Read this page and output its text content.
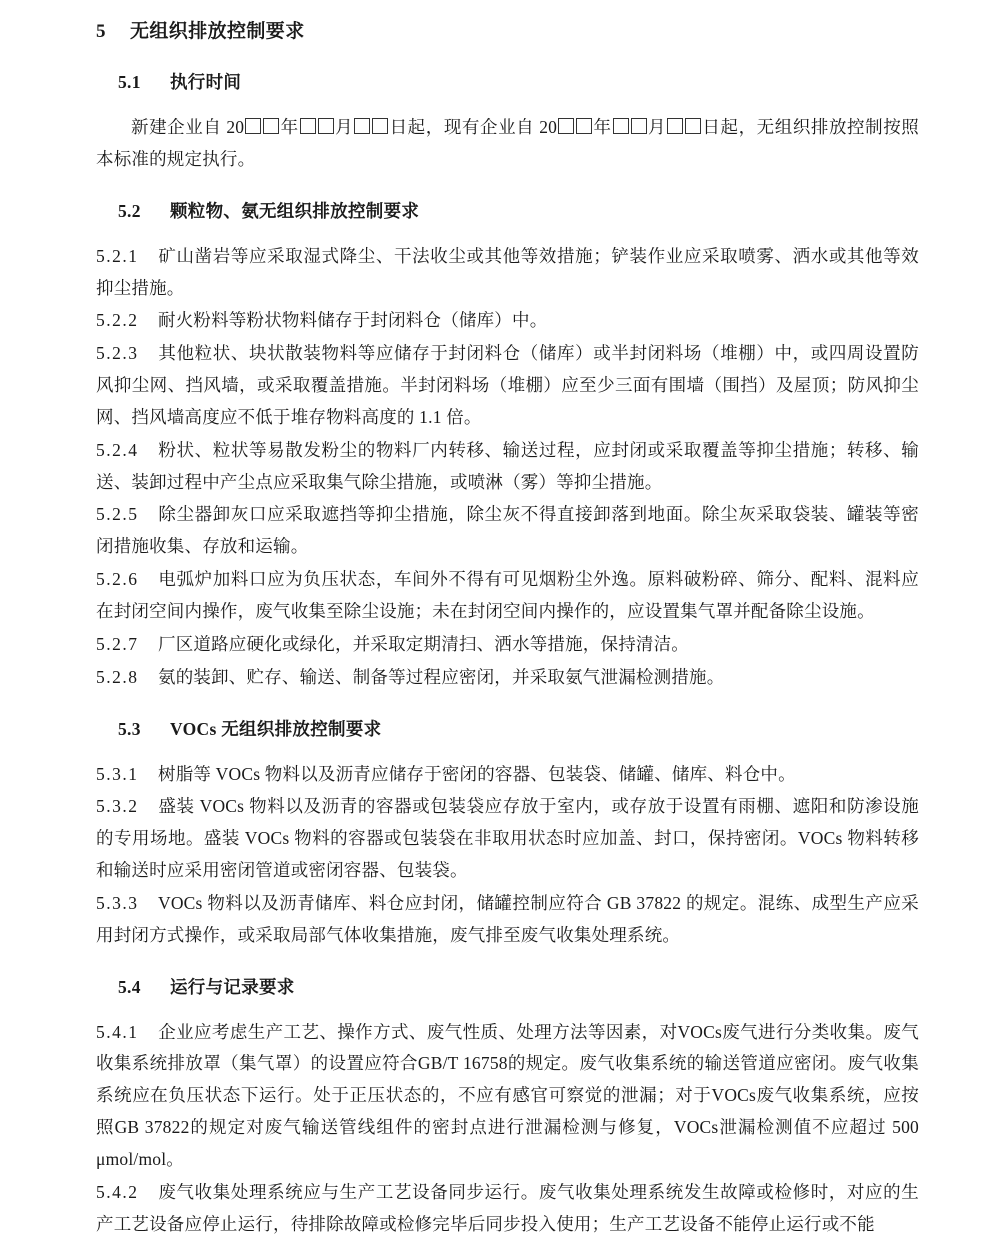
5 无组织排放控制要求
5.1 执行时间

新建企业自 20 年 月 日起，现有企业自 20 年 月 日起，无组织排放控制按照本标准的规定执行。

5.2 颗粒物、氨无组织排放控制要求

5.2.1 矿山凿岩等应采取湿式降尘、干法收尘或其他等效措施；铲装作业应采取喷雾、洒水或其他等效抑尘措施。

5.2.2 耐火粉料等粉状物料储存于封闭料仓（储库）中。

5.2.3 其他粒状、块状散装物料等应储存于封闭料仓（储库）或半封闭料场（堆棚）中，或四周设置防风抑尘网、挡风墙，或采取覆盖措施。半封闭料场（堆棚）应至少三面有围墙（围挡）及屋顶；防风抑尘网、挡风墙高度应不低于堆存物料高度的 1.1 倍。

5.2.4 粉状、粒状等易散发粉尘的物料厂内转移、输送过程，应封闭或采取覆盖等抑尘措施；转移、输送、装卸过程中产尘点应采取集气除尘措施，或喷淋（雾）等抑尘措施。

5.2.5 除尘器卸灰口应采取遮挡等抑尘措施，除尘灰不得直接卸落到地面。除尘灰采取袋装、罐装等密闭措施收集、存放和运输。

5.2.6 电弧炉加料口应为负压状态，车间外不得有可见烟粉尘外逸。原料破粉碎、筛分、配料、混料应在封闭空间内操作，废气收集至除尘设施；未在封闭空间内操作的，应设置集气罩并配备除尘设施。

5.2.7 厂区道路应硬化或绿化，并采取定期清扫、洒水等措施，保持清洁。

5.2.8 氨的装卸、贮存、输送、制备等过程应密闭，并采取氨气泄漏检测措施。

5.3 VOCs 无组织排放控制要求

5.3.1 树脂等 VOCs 物料以及沥青应储存于密闭的容器、包装袋、储罐、储库、料仓中。

5.3.2 盛装 VOCs 物料以及沥青的容器或包装袋应存放于室内，或存放于设置有雨棚、遮阳和防渗设施的专用场地。盛装 VOCs 物料的容器或包装袋在非取用状态时应加盖、封口，保持密闭。VOCs 物料转移和输送时应采用密闭管道或密闭容器、包装袋。

5.3.3 VOCs 物料以及沥青储库、料仓应封闭，储罐控制应符合 GB 37822 的规定。混练、成型生产应采用封闭方式操作，或采取局部气体收集措施，废气排至废气收集处理系统。

5.4 运行与记录要求

5.4.1 企业应考虑生产工艺、操作方式、废气性质、处理方法等因素，对VOCs废气进行分类收集。废气收集系统排放罩（集气罩）的设置应符合GB/T 16758的规定。废气收集系统的输送管道应密闭。废气收集系统应在负压状态下运行。处于正压状态的，不应有感官可察觉的泄漏；对于VOCs废气收集系统，应按照GB 37822的规定对废气输送管线组件的密封点进行泄漏检测与修复，VOCs泄漏检测值不应超过 500 μmol/mol。

5.4.2 废气收集处理系统应与生产工艺设备同步运行。废气收集处理系统发生故障或检修时，对应的生产工艺设备应停止运行，待排除故障或检修完毕后同步投入使用；生产工艺设备不能停止运行或不能
